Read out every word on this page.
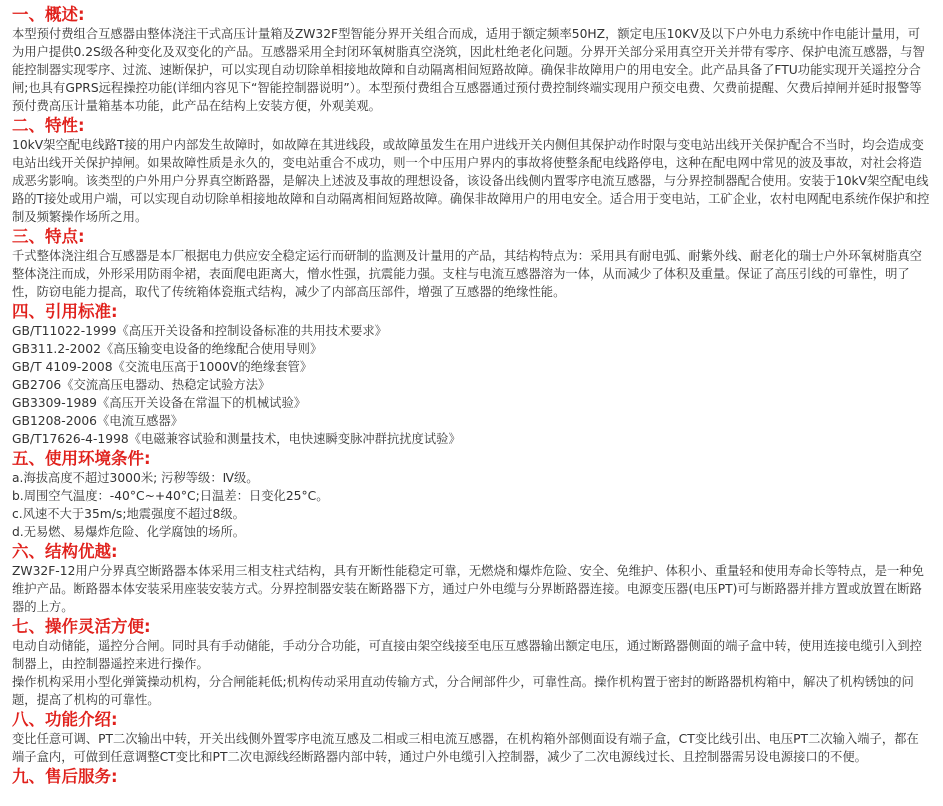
一、概述:

本型预付费组合互感器由整体浇注干式高压计量箱及ZW32F型智能分界开关组合而成，适用于额定频率50HZ，额定电压10KV及以下户外电力系统中作电能计量用，可为用户提供0.2S级各种变化及双变化的产品。互感器采用全封闭环氧树脂真空浇筑，因此杜绝老化问题。分界开关部分采用真空开关并带有零序、保护电流互感器，与智能控制器实现零序、过流、速断保护，可以实现自动切除单相接地故障和自动隔离相间短路故障。确保非故障用户的用电安全。此产品具备了FTU功能实现开关遥控分合闸;也具有GPRS远程操控功能(详细内容见下“智能控制器说明”）。本型预付费组合互感器通过预付费控制终端实现用户预交电费、欠费前提醒、欠费后掉闸并延时报警等预付费高压计量箱基本功能，此产品在结构上安装方便，外观美观。

二、特性:

10kV架空配电线路T接的用户内部发生故障时，如故障在其进线段，或故障虽发生在用户进线开关内侧但其保护动作时限与变电站出线开关保护配合不当时，均会造成变电站出线开关保护掉闸。如果故障性质是永久的，变电站重合不成功，则一个中压用户界内的事故将使整条配电线路停电，这种在配电网中常见的波及事故，对社会将造成恶劣影响。该类型的户外用户分界真空断路器，是解决上述波及事故的理想设备，该设备出线侧内置零序电流互感器，与分界控制器配合使用。安装于10kV架空配电线路的T接处或用户端，可以实现自动切除单相接地故障和自动隔离相间短路故障。确保非故障用户的用电安全。适合用于变电站，工矿企业，农村电网配电系统作保护和控制及频繁操作场所之用。

三、特点:

千式整体浇注组合互感器是本厂根据电力供应安全稳定运行而研制的监测及计量用的产品，其结构特点为：采用具有耐电弧、耐紫外线、耐老化的瑞士户外环氧树脂真空整体浇注而成，外形采用防雨伞裙，表面爬电距离大，憎水性强，抗震能力强。支柱与电流互感器溶为一体，从而减少了体积及重量。保证了高压引线的可靠性，明了性，防窃电能力提高，取代了传统箱体瓷瓶式结构，减少了内部高压部件，增强了互感器的绝缘性能。

四、引用标准:

GB/T11022-1999《高压开关设备和控制设备标准的共用技术要求》

GB311.2-2002《高压输变电设备的绝缘配合使用导则》

GB/T 4109-2008《交流电压高于1000V的绝缘套管》

GB2706《交流高压电器动、热稳定试验方法》

GB3309-1989《高压开关设备在常温下的机械试验》

GB1208-2006《电流互感器》

GB/T17626-4-1998《电磁兼容试验和测量技术，电快速瞬变脉冲群抗扰度试验》

五、使用环境条件:

a.海拔高度不超过3000米; 污秽等级：Ⅳ级。

b.周围空气温度：-40°C~+40°C;日温差：日变化25°C。

c.风速不大于35m/s;地震强度不超过8级。

d.无易燃、易爆炸危险、化学腐蚀的场所。

六、结构优越:

ZW32F-12用户分界真空断路器本体采用三相支柱式结构，具有开断性能稳定可靠，无燃烧和爆炸危险、安全、免维护、体积小、重量轻和使用寿命长等特点，是一种免维护产品。断路器本体安装采用座装安装方式。分界控制器安装在断路器下方，通过户外电缆与分界断路器连接。电源变压器(电压PT)可与断路器并排方置或放置在断路器的上方。

七、操作灵活方便:

电动自动储能，遥控分合闸。同时具有手动储能，手动分合功能，可直接由架空线接至电压互感器输出额定电压，通过断路器侧面的端子盒中转，使用连接电缆引入到控制器上，由控制器遥控来进行操作。

操作机构采用小型化弹簧操动机构，分合闸能耗低;机构传动采用直动传输方式，分合闸部件少，可靠性高。操作机构置于密封的断路器机构箱中，解决了机构锈蚀的问题，提高了机构的可靠性。

八、功能介绍:

变比任意可调、PT二次输出中转，开关出线侧外置零序电流互感及二相或三相电流互感器，在机构箱外部侧面设有端子盒，CT变比线引出、电压PT二次输入端子，都在端子盒内，可做到任意调整CT变比和PT二次电源线经断路器内部中转，通过户外电缆引入控制器，减少了二次电源线过长、且控制器需另设电源接口的不便。

九、售后服务:
